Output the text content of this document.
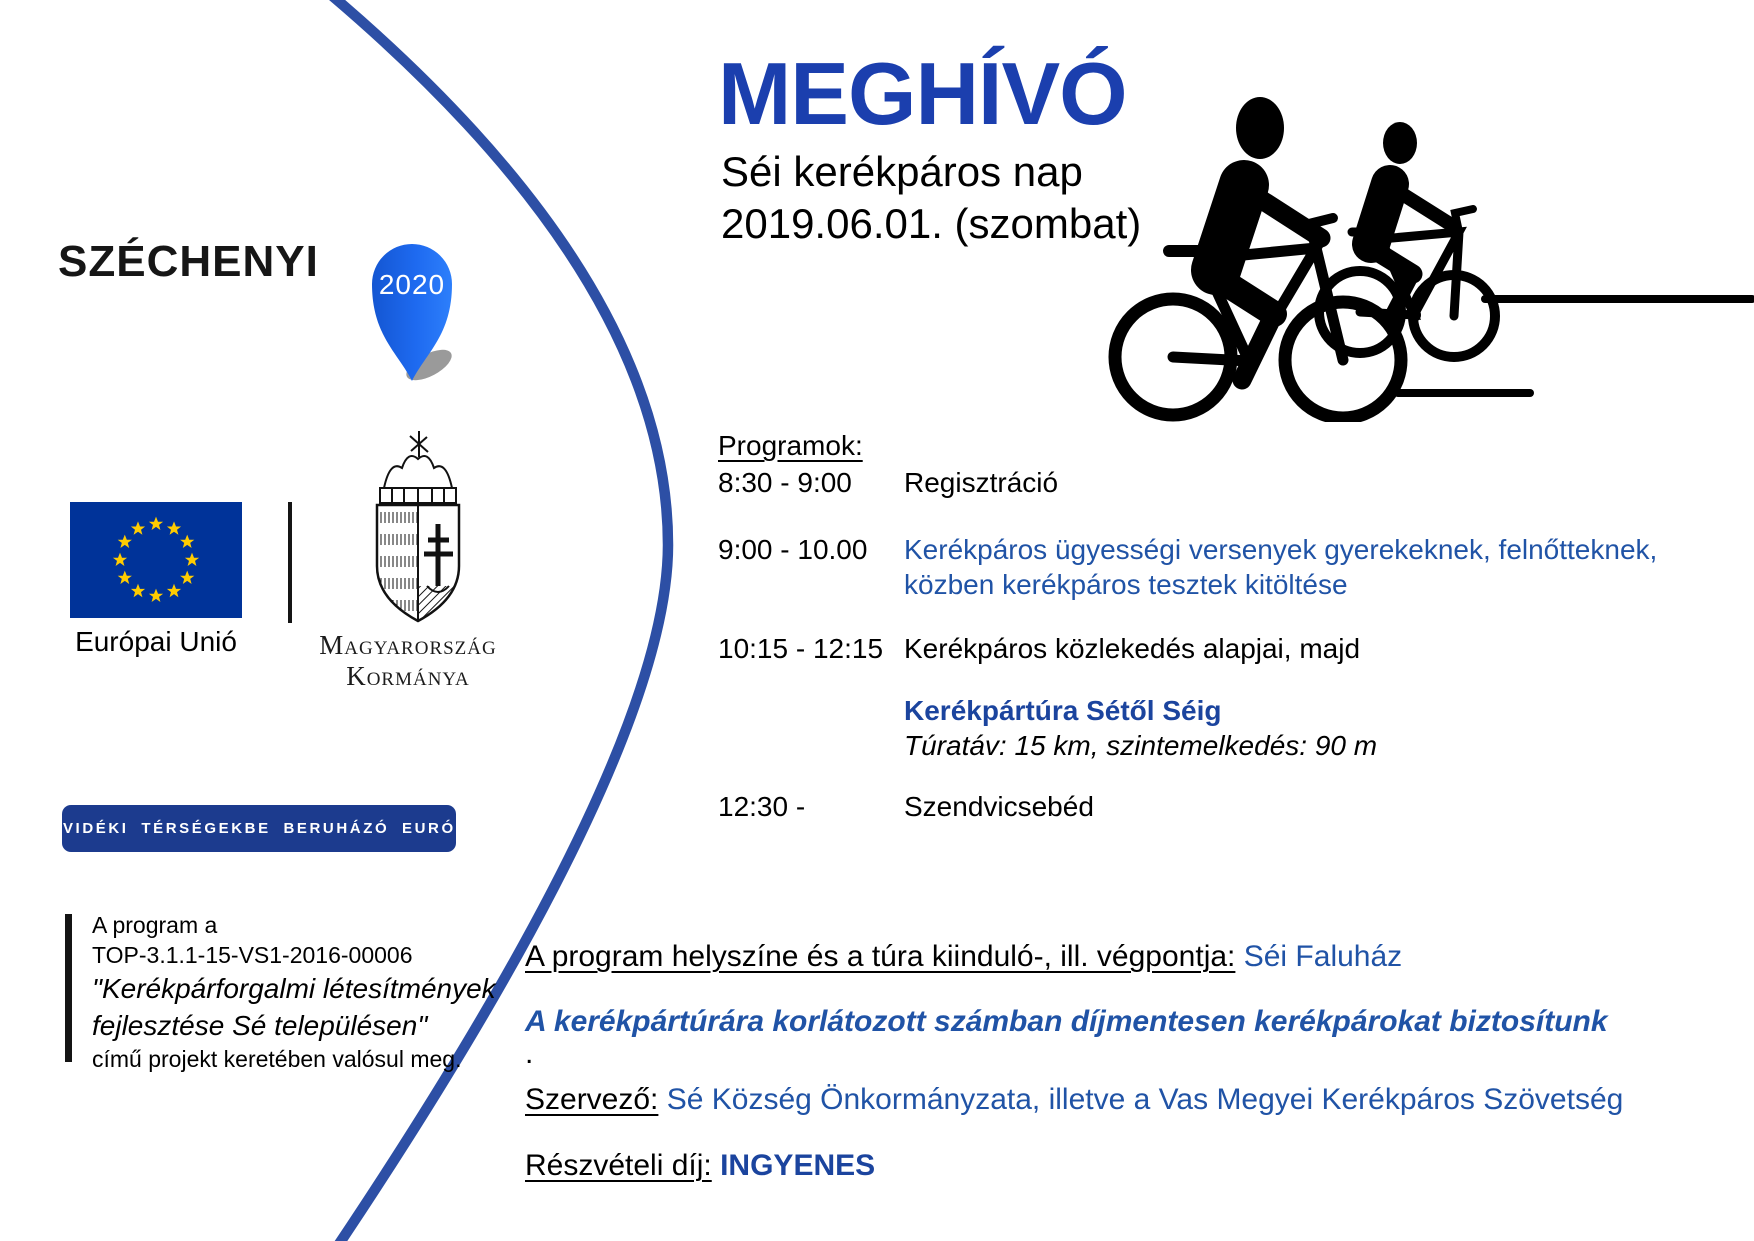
SZÉCHENYI 2020
Európai Unió	Magyarország
Kormánya
A VIDÉKI TÉRSÉGEKBE BERUHÁZÓ EURÓPA
A program a
TOP-3.1.1-15-VS1-2016-00006
"Kerékpárforgalmi létesítmények
fejlesztése Sé településen"
című projekt keretében valósul meg.
MEGHÍVÓ
Séi kerékpáros nap
2019.06.01. (szombat)
Programok:
8:30 - 9:00	Regisztráció
9:00 - 10.00	Kerékpáros ügyességi versenyek gyerekeknek, felnőtteknek,
közben kerékpáros tesztek kitöltése
10:15 - 12:15 Kerékpáros közlekedés alapjai, majd
Kerékpártúra Sétől Séig
Túratáv: 15 km, szintemelkedés: 90 m
12:30 -	Szendvicsebéd
A program helyszíne és a túra kiinduló-, ill. végpontja: Séi Faluház
A kerékpártúrára korlátozott számban díjmentesen kerékpárokat biztosítunk
.
Szervező: Sé Község Önkormányzata, illetve a Vas Megyei Kerékpáros Szövetség
Részvételi díj: INGYENES
